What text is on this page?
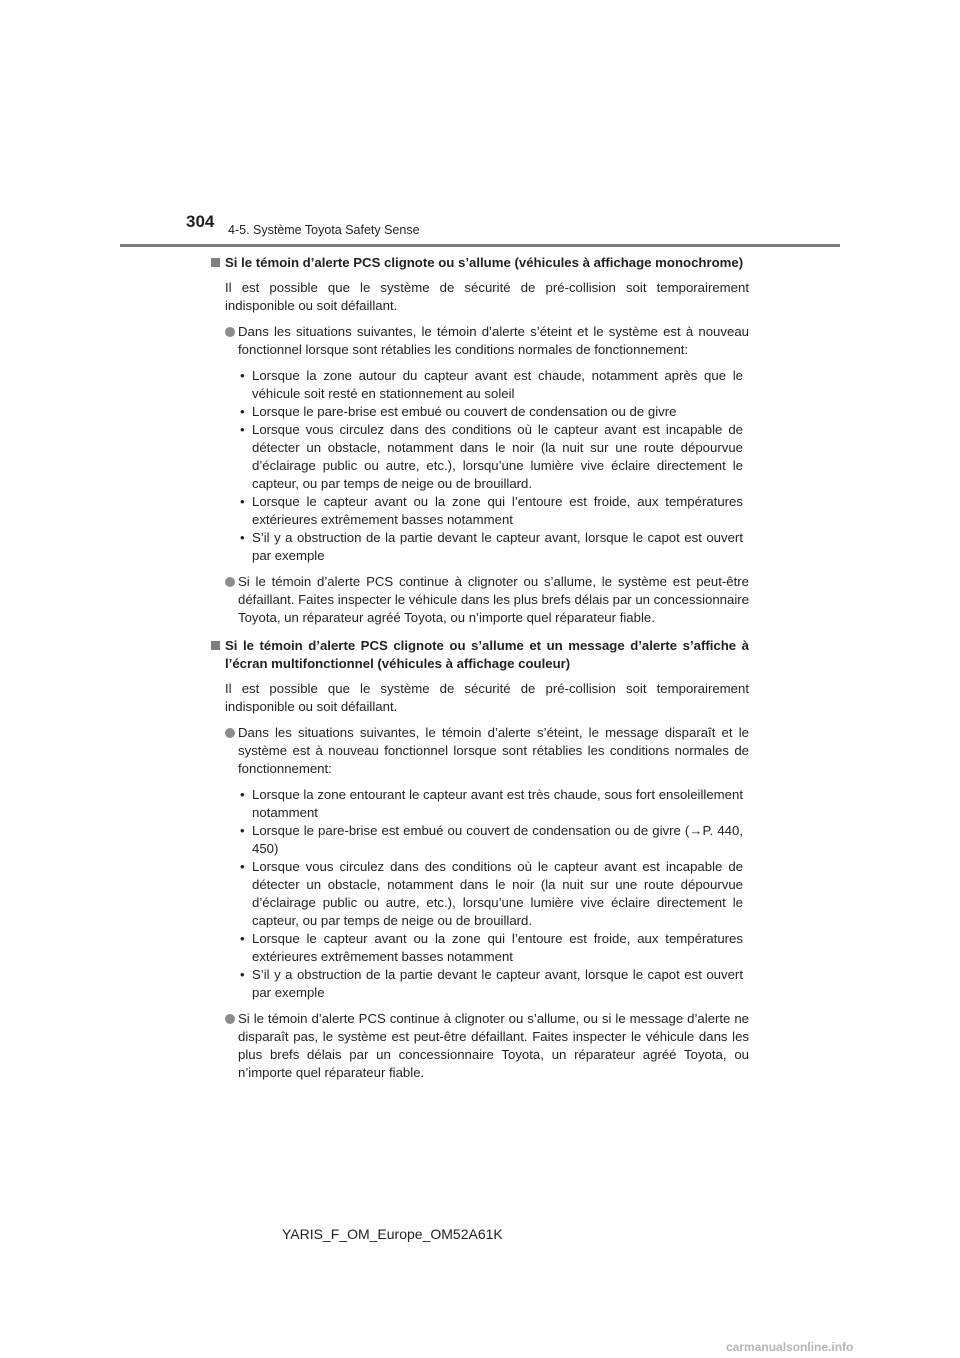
304 4-5. Système Toyota Safety Sense
Si le témoin d’alerte PCS clignote ou s’allume (véhicules à affichage monochrome)
Il est possible que le système de sécurité de pré-collision soit temporairement indisponible ou soit défaillant.
Dans les situations suivantes, le témoin d’alerte s’éteint et le système est à nouveau fonctionnel lorsque sont rétablies les conditions normales de fonctionnement:
• Lorsque la zone autour du capteur avant est chaude, notamment après que le véhicule soit resté en stationnement au soleil
• Lorsque le pare-brise est embué ou couvert de condensation ou de givre
• Lorsque vous circulez dans des conditions où le capteur avant est incapable de détecter un obstacle, notamment dans le noir (la nuit sur une route dépourvue d’éclairage public ou autre, etc.), lorsqu’une lumière vive éclaire directement le capteur, ou par temps de neige ou de brouillard.
• Lorsque le capteur avant ou la zone qui l’entoure est froide, aux températures extérieures extrêmement basses notamment
• S’il y a obstruction de la partie devant le capteur avant, lorsque le capot est ouvert par exemple
Si le témoin d’alerte PCS continue à clignoter ou s’allume, le système est peut-être défaillant. Faites inspecter le véhicule dans les plus brefs délais par un concessionnaire Toyota, un réparateur agréé Toyota, ou n’importe quel réparateur fiable.
Si le témoin d’alerte PCS clignote ou s’allume et un message d’alerte s’affiche à l’écran multifonctionnel (véhicules à affichage couleur)
Il est possible que le système de sécurité de pré-collision soit temporairement indisponible ou soit défaillant.
Dans les situations suivantes, le témoin d’alerte s’éteint, le message disparaît et le système est à nouveau fonctionnel lorsque sont rétablies les conditions normales de fonctionnement:
• Lorsque la zone entourant le capteur avant est très chaude, sous fort ensoleillement notamment
• Lorsque le pare-brise est embué ou couvert de condensation ou de givre (→P. 440, 450)
• Lorsque vous circulez dans des conditions où le capteur avant est incapable de détecter un obstacle, notamment dans le noir (la nuit sur une route dépourvue d’éclairage public ou autre, etc.), lorsqu’une lumière vive éclaire directement le capteur, ou par temps de neige ou de brouillard.
• Lorsque le capteur avant ou la zone qui l’entoure est froide, aux températures extérieures extrêmement basses notamment
• S’il y a obstruction de la partie devant le capteur avant, lorsque le capot est ouvert par exemple
Si le témoin d’alerte PCS continue à clignoter ou s’allume, ou si le message d’alerte ne disparaît pas, le système est peut-être défaillant. Faites inspecter le véhicule dans les plus brefs délais par un concessionnaire Toyota, un réparateur agréé Toyota, ou n’importe quel réparateur fiable.
YARIS_F_OM_Europe_OM52A61K
carmanualsonline.info
